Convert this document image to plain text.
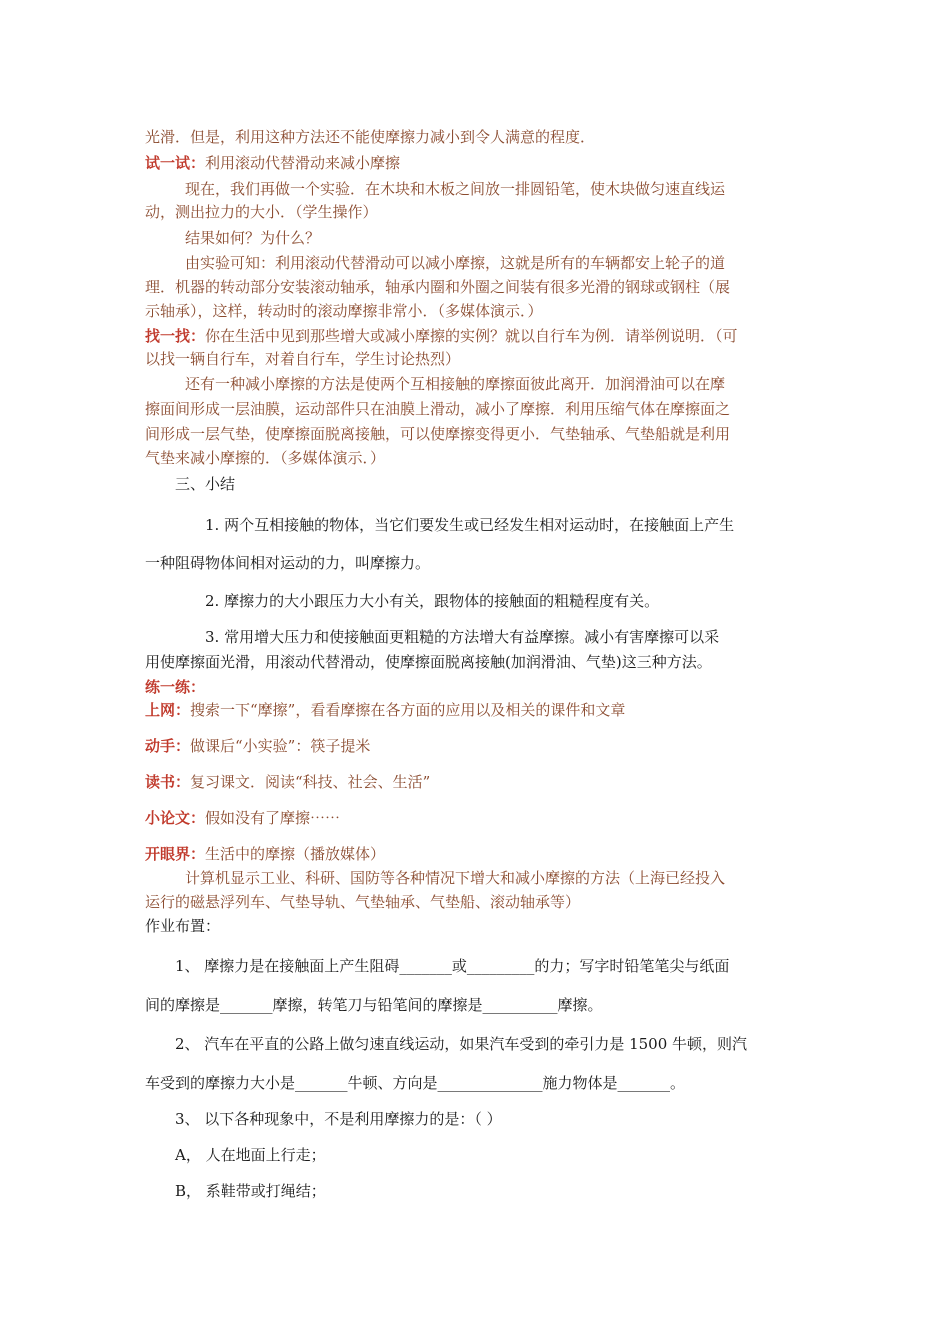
光滑．但是，利用这种方法还不能使摩擦力减小到令人满意的程度．
试一试：利用滚动代替滑动来减小摩擦
现在，我们再做一个实验．在木块和木板之间放一排圆铅笔，使木块做匀速直线运
动，测出拉力的大小．（学生操作）
结果如何？为什么？
由实验可知：利用滚动代替滑动可以减小摩擦，这就是所有的车辆都安上轮子的道
理．机器的转动部分安装滚动轴承，轴承内圈和外圈之间装有很多光滑的钢球或钢柱（展
示轴承），这样，转动时的滚动摩擦非常小．（多媒体演示．）
找一找：你在生活中见到那些增大或减小摩擦的实例？就以自行车为例．请举例说明．（可
以找一辆自行车，对着自行车，学生讨论热烈）
还有一种减小摩擦的方法是使两个互相接触的摩擦面彼此离开．加润滑油可以在摩
擦面间形成一层油膜，运动部件只在油膜上滑动，减小了摩擦．利用压缩气体在摩擦面之
间形成一层气垫，使摩擦面脱离接触，可以使摩擦变得更小．气垫轴承、气垫船就是利用
气垫来减小摩擦的．（多媒体演示．）
三、小结
1. 两个互相接触的物体，当它们要发生或已经发生相对运动时，在接触面上产生
一种阻碍物体间相对运动的力，叫摩擦力。
2. 摩擦力的大小跟压力大小有关，跟物体的接触面的粗糙程度有关。
3. 常用增大压力和使接触面更粗糙的方法增大有益摩擦。减小有害摩擦可以采
用使摩擦面光滑，用滚动代替滑动，使摩擦面脱离接触(加润滑油、气垫)这三种方法。
练一练：
上网：搜索一下“摩擦”，看看摩擦在各方面的应用以及相关的课件和文章
动手：做课后“小实验”：筷子提米
读书：复习课文．阅读“科技、社会、生活”
小论文：假如没有了摩擦⋯⋯
开眼界：生活中的摩擦（播放媒体）
计算机显示工业、科研、国防等各种情况下增大和减小摩擦的方法（上海已经投入
运行的磁悬浮列车、气垫导轨、气垫轴承、气垫船、滚动轴承等）
作业布置：
1、 摩擦力是在接触面上产生阻碍_______或_________的力；写字时铅笔笔尖与纸面
间的摩擦是_______摩擦，转笔刀与铅笔间的摩擦是__________摩擦。
2、 汽车在平直的公路上做匀速直线运动，如果汽车受到的牵引力是 1500 牛顿，则汽
车受到的摩擦力大小是_______牛顿、方向是______________施力物体是_______。
3、 以下各种现象中，不是利用摩擦力的是：（ ）
A， 人在地面上行走；
B， 系鞋带或打绳结；
